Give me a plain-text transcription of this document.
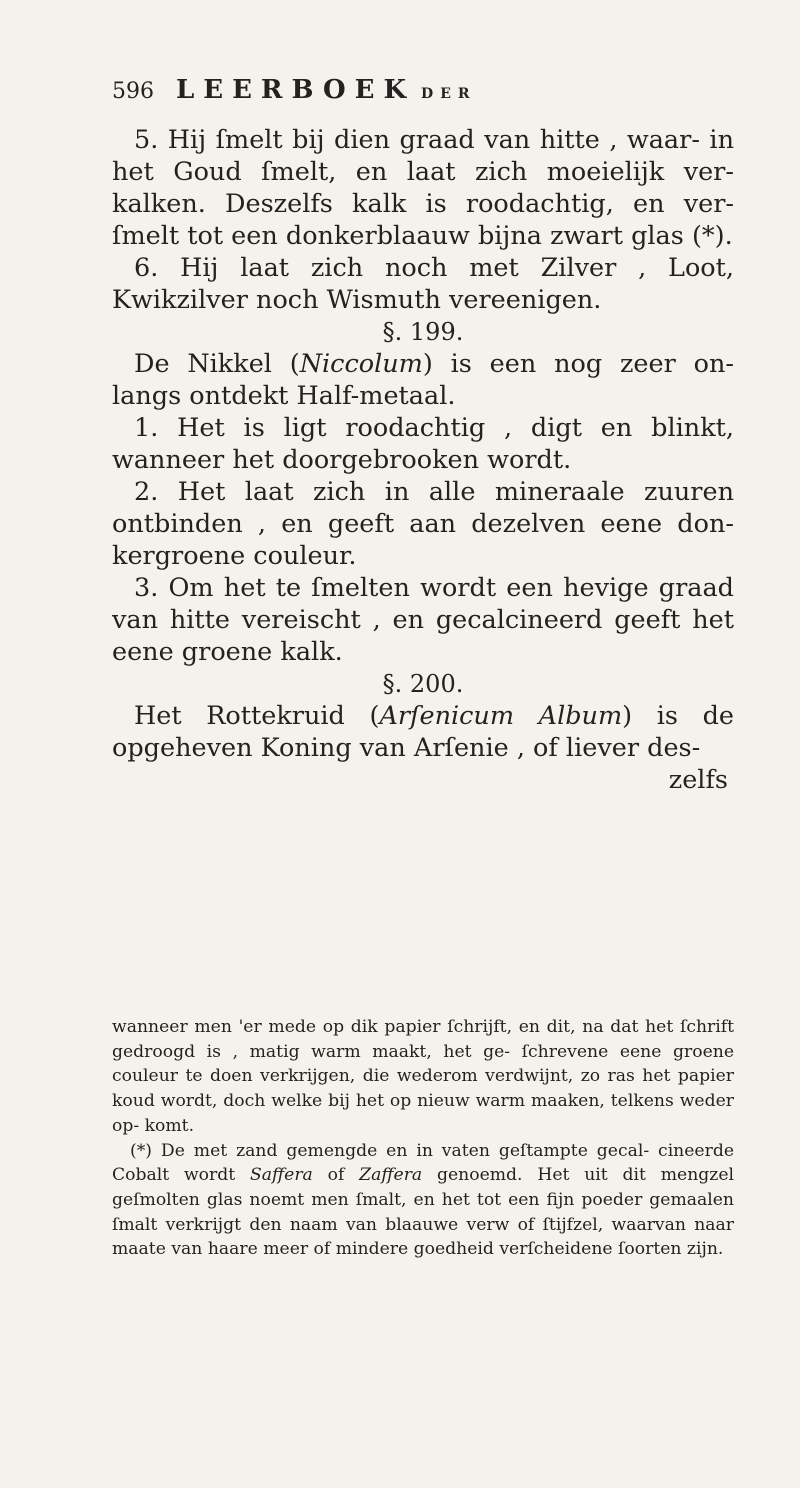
596 LEERBOEK DER

5. Hij ſmelt bij dien graad van hitte , waar- in het Goud ſmelt, en laat zich moeielijk ver- kalken. Deszelfs kalk is roodachtig, en ver- ſmelt tot een donkerblaauw bijna zwart glas (*).

6. Hij laat zich noch met Zilver , Loot, Kwikzilver noch Wismuth vereenigen.

§. 199.

De Nikkel (Niccolum) is een nog zeer on- langs ontdekt Half-metaal.

1. Het is ligt roodachtig , digt en blinkt, wanneer het doorgebrooken wordt.

2. Het laat zich in alle mineraale zuuren ontbinden , en geeft aan dezelven eene don- kergroene couleur.

3. Om het te ſmelten wordt een hevige graad van hitte vereischt , en gecalcineerd geeft het eene groene kalk.

§. 200.

Het Rottekruid (Arſenicum Album) is de opgeheven Koning van Arſenie , of liever des-

zelfs

wanneer men 'er mede op dik papier ſchrijft, en dit, na dat het ſchrift gedroogd is , matig warm maakt, het ge- ſchrevene eene groene couleur te doen verkrijgen, die wederom verdwijnt, zo ras het papier koud wordt, doch welke bij het op nieuw warm maaken, telkens weder op- komt.

(*) De met zand gemengde en in vaten geſtampte gecal- cineerde Cobalt wordt Saffera of Zaffera genoemd. Het uit dit mengzel geſmolten glas noemt men ſmalt, en het tot een fijn poeder gemaalen ſmalt verkrijgt den naam van blaauwe verw of ſtijfzel, waarvan naar maate van haare meer of mindere goedheid verſcheidene ſoorten zijn.
